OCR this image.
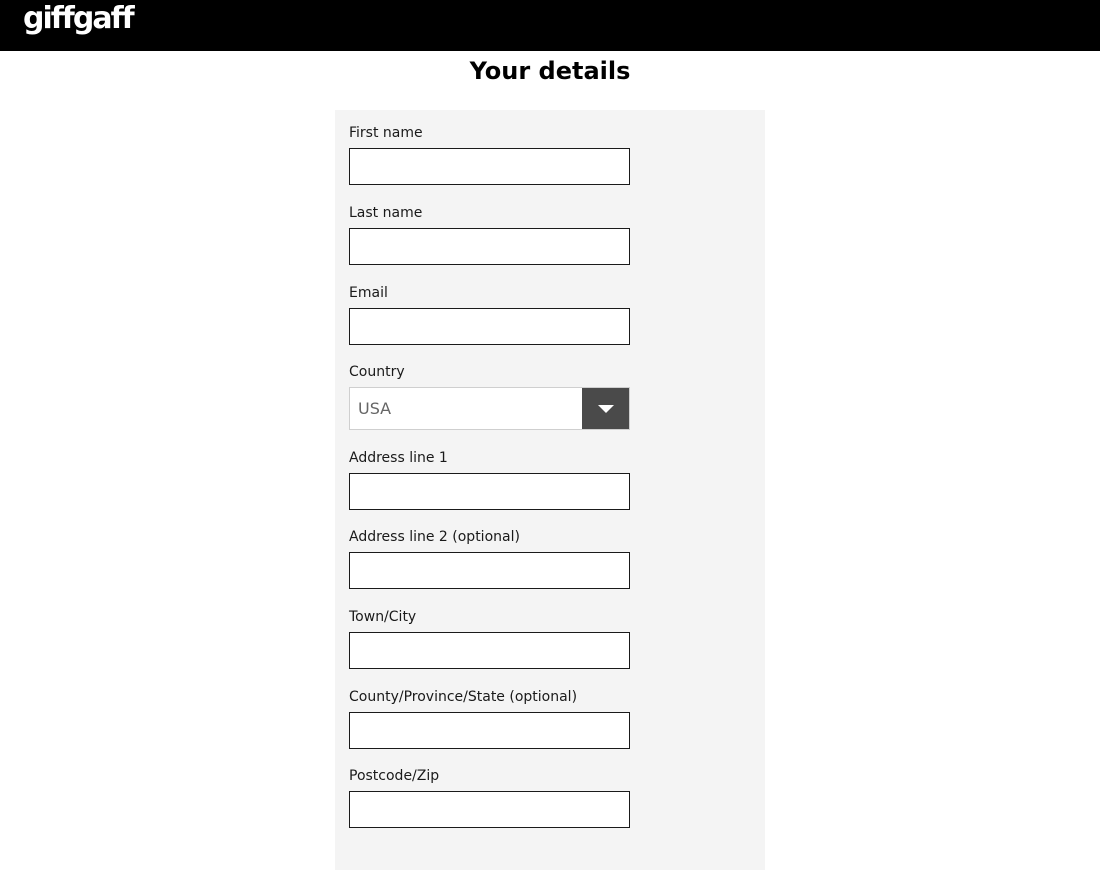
giffgaff
Your details
First name
Last name
Email
Country
USA
Address line 1
Address line 2 (optional)
Town/City
County/Province/State (optional)
Postcode/Zip
